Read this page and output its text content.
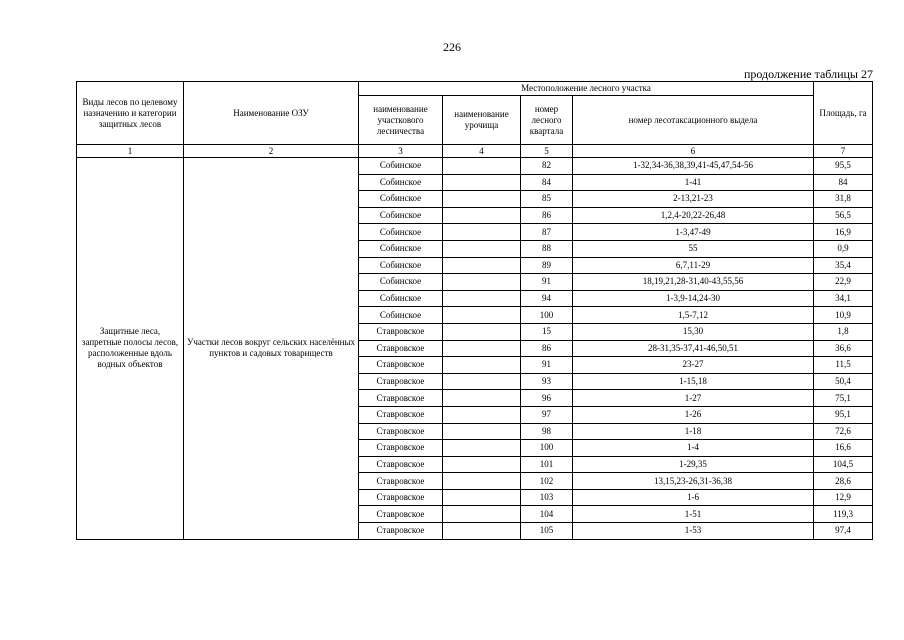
226
продолжение таблицы 27
Виды лесов по целевому назначению и категории защитных лесов	Наименование ОЗУ	Местоположение лесного участка				Площадь, га
		наименование участкового лесничества	наименование урочища	номер лесного квартала	номер лесотаксационного выдела	
1	2	3	4	5	6	7
Защитные леса, запретные полосы лесов, расположенные вдоль водных объектов	Участки лесов вокруг сельских населённых пунктов и садовых товариществ	Собинское		82	1-32,34-36,38,39,41-45,47,54-56	95,5
		Собинское		84	1-41	84
		Собинское		85	2-13,21-23	31,8
		Собинское		86	1,2,4-20,22-26,48	56,5
		Собинское		87	1-3,47-49	16,9
		Собинское		88	55	0,9
		Собинское		89	6,7,11-29	35,4
		Собинское		91	18,19,21,28-31,40-43,55,56	22,9
		Собинское		94	1-3,9-14,24-30	34,1
		Собинское		100	1,5-7,12	10,9
		Ставровское		15	15,30	1,8
		Ставровское		86	28-31,35-37,41-46,50,51	36,6
		Ставровское		91	23-27	11,5
		Ставровское		93	1-15,18	50,4
		Ставровское		96	1-27	75,1
		Ставровское		97	1-26	95,1
		Ставровское		98	1-18	72,6
		Ставровское		100	1-4	16,6
		Ставровское		101	1-29,35	104,5
		Ставровское		102	13,15,23-26,31-36,38	28,6
		Ставровское		103	1-6	12,9
		Ставровское		104	1-51	119,3
		Ставровское		105	1-53	97,4
